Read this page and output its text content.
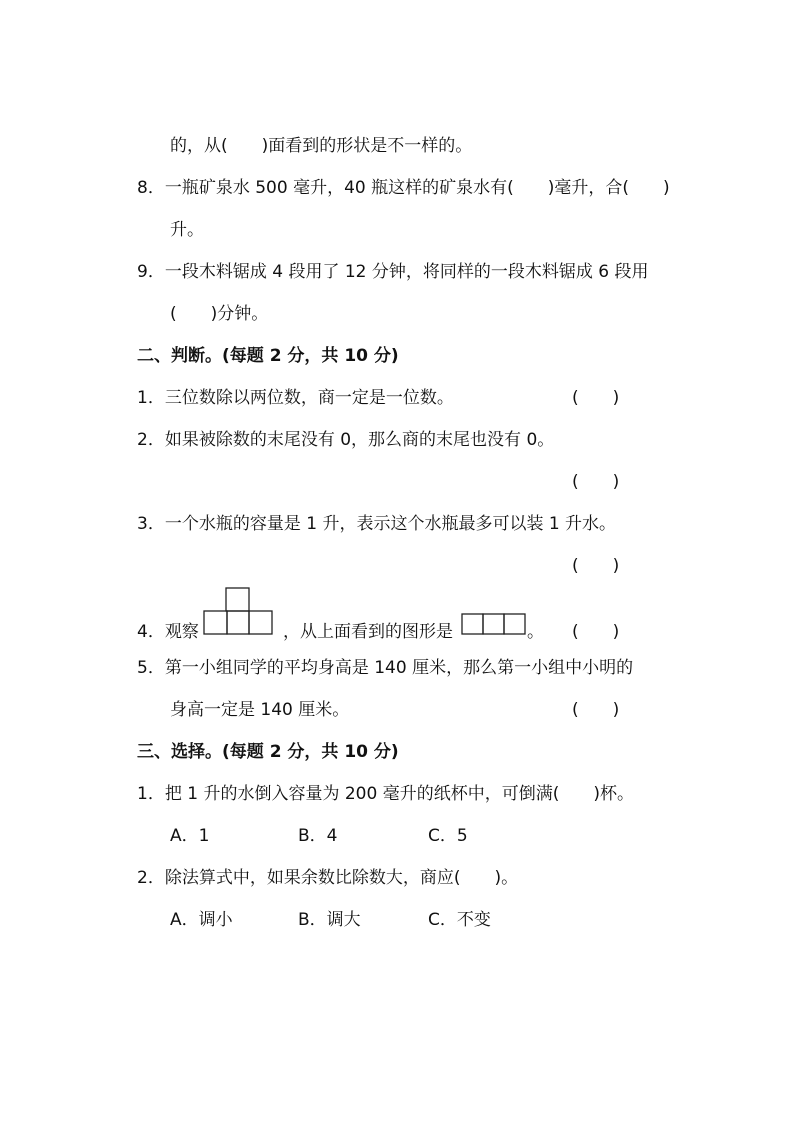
的，从(　　)面看到的形状是不一样的。
8．一瓶矿泉水 500 毫升，40 瓶这样的矿泉水有(　　)毫升，合(　　)
升。
9．一段木料锯成 4 段用了 12 分钟，将同样的一段木料锯成 6 段用
(　　)分钟。
二、判断。(每题 2 分，共 10 分)
1．三位数除以两位数，商一定是一位数。	(　　)
2．如果被除数的末尾没有 0，那么商的末尾也没有 0。
(　　)
3．一个水瓶的容量是 1 升，表示这个水瓶最多可以装 1 升水。
(　　)
4．观察	，从上面看到的图形是	。 (　　)
5．第一小组同学的平均身高是 140 厘米，那么第一小组中小明的
身高一定是 140 厘米。	(　　)
三、选择。(每题 2 分，共 10 分)
1．把 1 升的水倒入容量为 200 毫升的纸杯中，可倒满(　　)杯。
A．1	B．4	C．5
2．除法算式中，如果余数比除数大，商应(　　)。
A．调小	B．调大	C．不变
